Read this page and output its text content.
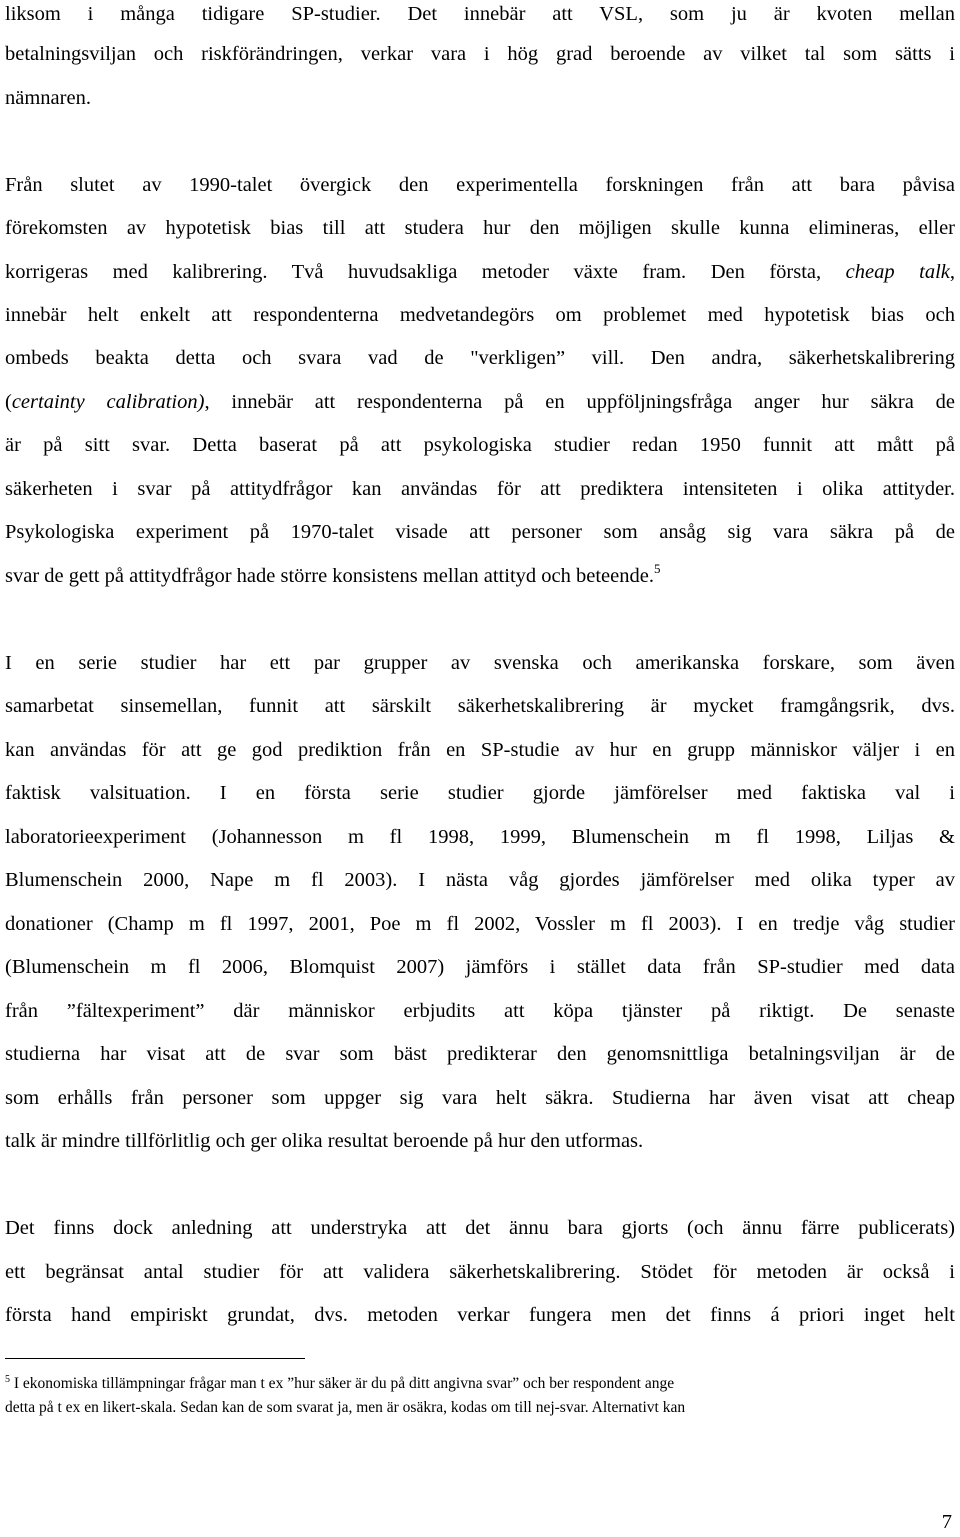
liksom i många tidigare SP-studier. Det innebär att VSL, som ju är kvoten mellan
betalningsviljan och riskförändringen, verkar vara i hög grad beroende av vilket tal som sätts i
nämnaren.
Från slutet av 1990-talet övergick den experimentella forskningen från att bara påvisa
förekomsten av hypotetisk bias till att studera hur den möjligen skulle kunna elimineras, eller
korrigeras med kalibrering. Två huvudsakliga metoder växte fram. Den första, cheap talk,
innebär helt enkelt att respondenterna medvetandegörs om problemet med hypotetisk bias och
ombeds beakta detta och svara vad de "verkligen” vill. Den andra, säkerhetskalibrering
(certainty calibration), innebär att respondenterna på en uppföljningsfråga anger hur säkra de
är på sitt svar. Detta baserat på att psykologiska studier redan 1950 funnit att mått på
säkerheten i svar på attitydfrågor kan användas för att prediktera intensiteten i olika attityder.
Psykologiska experiment på 1970-talet visade att personer som ansåg sig vara säkra på de
svar de gett på attitydfrågor hade större konsistens mellan attityd och beteende.$^5$
I en serie studier har ett par grupper av svenska och amerikanska forskare, som även
samarbetat sinsemellan, funnit att särskilt säkerhetskalibrering är mycket framgångsrik, dvs.
kan användas för att ge god prediktion från en SP-studie av hur en grupp människor väljer i en
faktisk valsituation. I en första serie studier gjorde jämförelser med faktiska val i
laboratorieexperiment (Johannesson m fl 1998, 1999, Blumenschein m fl 1998, Liljas &
Blumenschein 2000, Nape m fl 2003). I nästa våg gjordes jämförelser med olika typer av
donationer (Champ m fl 1997, 2001, Poe m fl 2002, Vossler m fl 2003). I en tredje våg studier
(Blumenschein m fl 2006, Blomquist 2007) jämförs i stället data från SP-studier med data
från ”fältexperiment” där människor erbjudits att köpa tjänster på riktigt. De senaste
studierna har visat att de svar som bäst predikterar den genomsnittliga betalningsviljan är de
som erhålls från personer som uppger sig vara helt säkra. Studierna har även visat att cheap
talk är mindre tillförlitlig och ger olika resultat beroende på hur den utformas.
Det finns dock anledning att understryka att det ännu bara gjorts (och ännu färre publicerats)
ett begränsat antal studier för att validera säkerhetskalibrering. Stödet för metoden är också i
första hand empiriskt grundat, dvs. metoden verkar fungera men det finns á priori inget helt
$^5$ I ekonomiska tillämpningar frågar man t ex ”hur säker är du på ditt angivna svar” och ber respondent ange
detta på t ex en likert-skala. Sedan kan de som svarat ja, men är osäkra, kodas om till nej-svar. Alternativt kan
7
